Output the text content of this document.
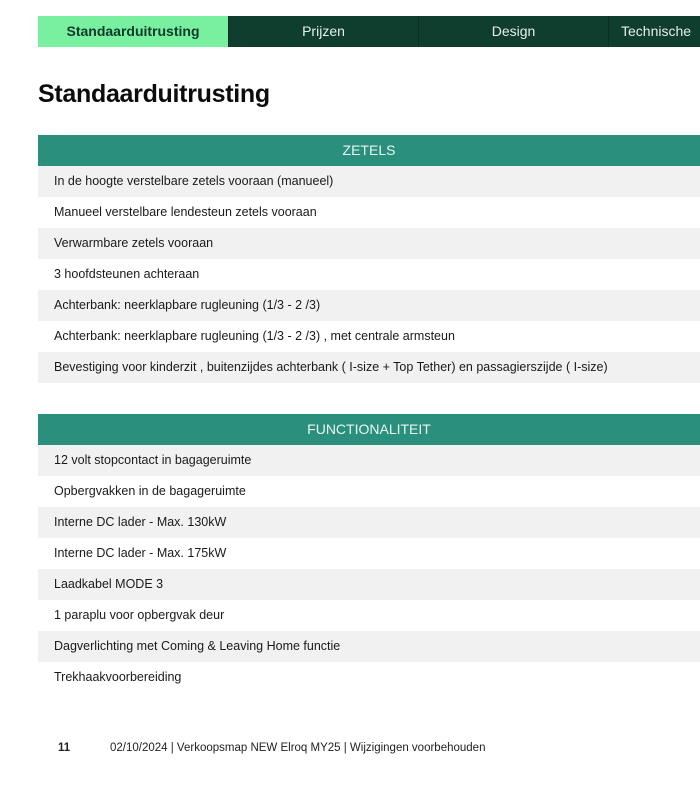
Standaarduitrusting	Prijzen	Design	Technische
Standaarduitrusting
ZETELS
In de hoogte verstelbare zetels vooraan (manueel)
Manueel verstelbare lendesteun zetels vooraan
Verwarmbare zetels vooraan
3 hoofdsteunen achteraan
Achterbank: neerklapbare rugleuning (1/3 - 2 /3)
Achterbank: neerklapbare rugleuning (1/3 - 2 /3) , met centrale armsteun
Bevestiging voor kinderzit , buitenzijdes achterbank ( I-size + Top Tether) en passagierszijde ( I-size)
FUNCTIONALITEIT
12 volt stopcontact in bagageruimte
Opbergvakken in de bagageruimte
Interne DC lader - Max. 130kW
Interne DC lader - Max. 175kW
Laadkabel MODE 3
1 paraplu voor opbergvak deur
Dagverlichting met Coming & Leaving Home functie
Trekhaakvoorbereiding
11	02/10/2024 | Verkoopsmap NEW Elroq MY25 | Wijzigingen voorbehouden
